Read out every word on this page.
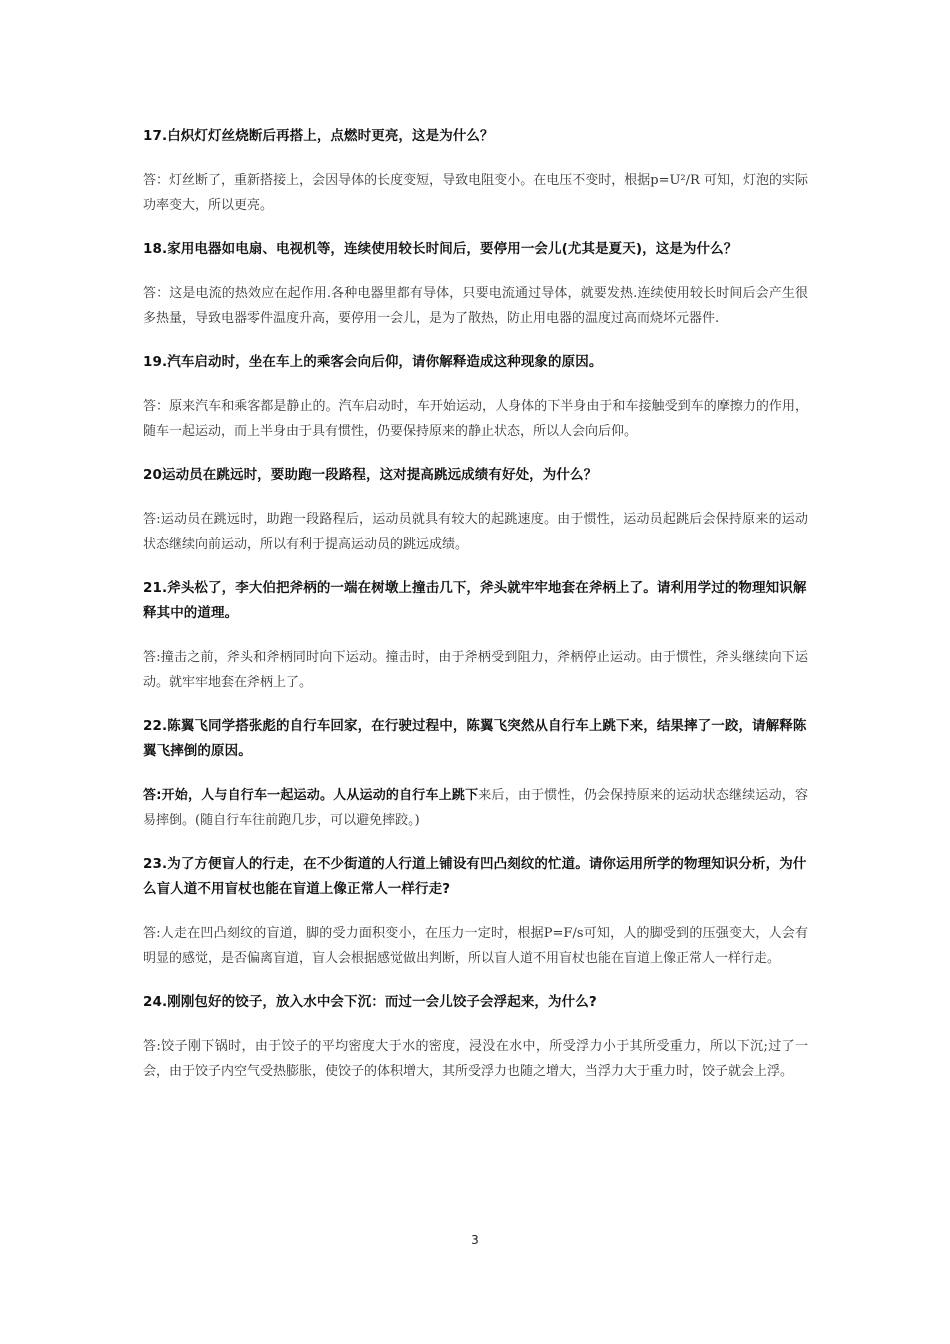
17.白炽灯灯丝烧断后再搭上，点燃时更亮，这是为什么？

答：灯丝断了，重新搭接上，会因导体的长度变短，导致电阻变小。在电压不变时，根据p=U²/R 可知，灯泡的实际功率变大，所以更亮。

18.家用电器如电扇、电视机等，连续使用较长时间后，要停用一会儿(尤其是夏天)，这是为什么？

答：这是电流的热效应在起作用.各种电器里都有导体，只要电流通过导体，就要发热.连续使用较长时间后会产生很多热量，导致电器零件温度升高，要停用一会儿，是为了散热，防止用电器的温度过高而烧坏元器件.

19.汽车启动时，坐在车上的乘客会向后仰，请你解释造成这种现象的原因。

答：原来汽车和乘客都是静止的。汽车启动时，车开始运动，人身体的下半身由于和车接触受到车的摩擦力的作用，随车一起运动，而上半身由于具有惯性，仍要保持原来的静止状态，所以人会向后仰。

20运动员在跳远时，要助跑一段路程，这对提高跳远成绩有好处，为什么？

答:运动员在跳远时，助跑一段路程后，运动员就具有较大的起跳速度。由于惯性，运动员起跳后会保持原来的运动状态继续向前运动，所以有利于提高运动员的跳远成绩。

21.斧头松了，李大伯把斧柄的一端在树墩上撞击几下，斧头就牢牢地套在斧柄上了。请利用学过的物理知识解释其中的道理。

答:撞击之前，斧头和斧柄同时向下运动。撞击时，由于斧柄受到阻力，斧柄停止运动。由于惯性，斧头继续向下运动。就牢牢地套在斧柄上了。

22.陈翼飞同学搭张彪的自行车回家，在行驶过程中，陈翼飞突然从自行车上跳下来，结果摔了一跤，请解释陈翼飞摔倒的原因。

答:开始，人与自行车一起运动。人从运动的自行车上跳下来后，由于惯性，仍会保持原来的运动状态继续运动，容易摔倒。(随自行车往前跑几步，可以避免摔跤。)

23.为了方便盲人的行走，在不少街道的人行道上铺设有凹凸刻纹的忙道。请你运用所学的物理知识分析，为什么盲人道不用盲杖也能在盲道上像正常人一样行走?

答:人走在凹凸刻纹的盲道，脚的受力面积变小，在压力一定时，根据P=F/s可知，人的脚受到的压强变大，人会有明显的感觉，是否偏离盲道，盲人会根据感觉做出判断，所以盲人道不用盲杖也能在盲道上像正常人一样行走。

24.刚刚包好的饺子，放入水中会下沉：而过一会儿饺子会浮起来，为什么?

答:饺子刚下锅时，由于饺子的平均密度大于水的密度，浸没在水中，所受浮力小于其所受重力，所以下沉;过了一会，由于饺子内空气受热膨胀，使饺子的体积增大，其所受浮力也随之增大，当浮力大于重力时，饺子就会上浮。

3
